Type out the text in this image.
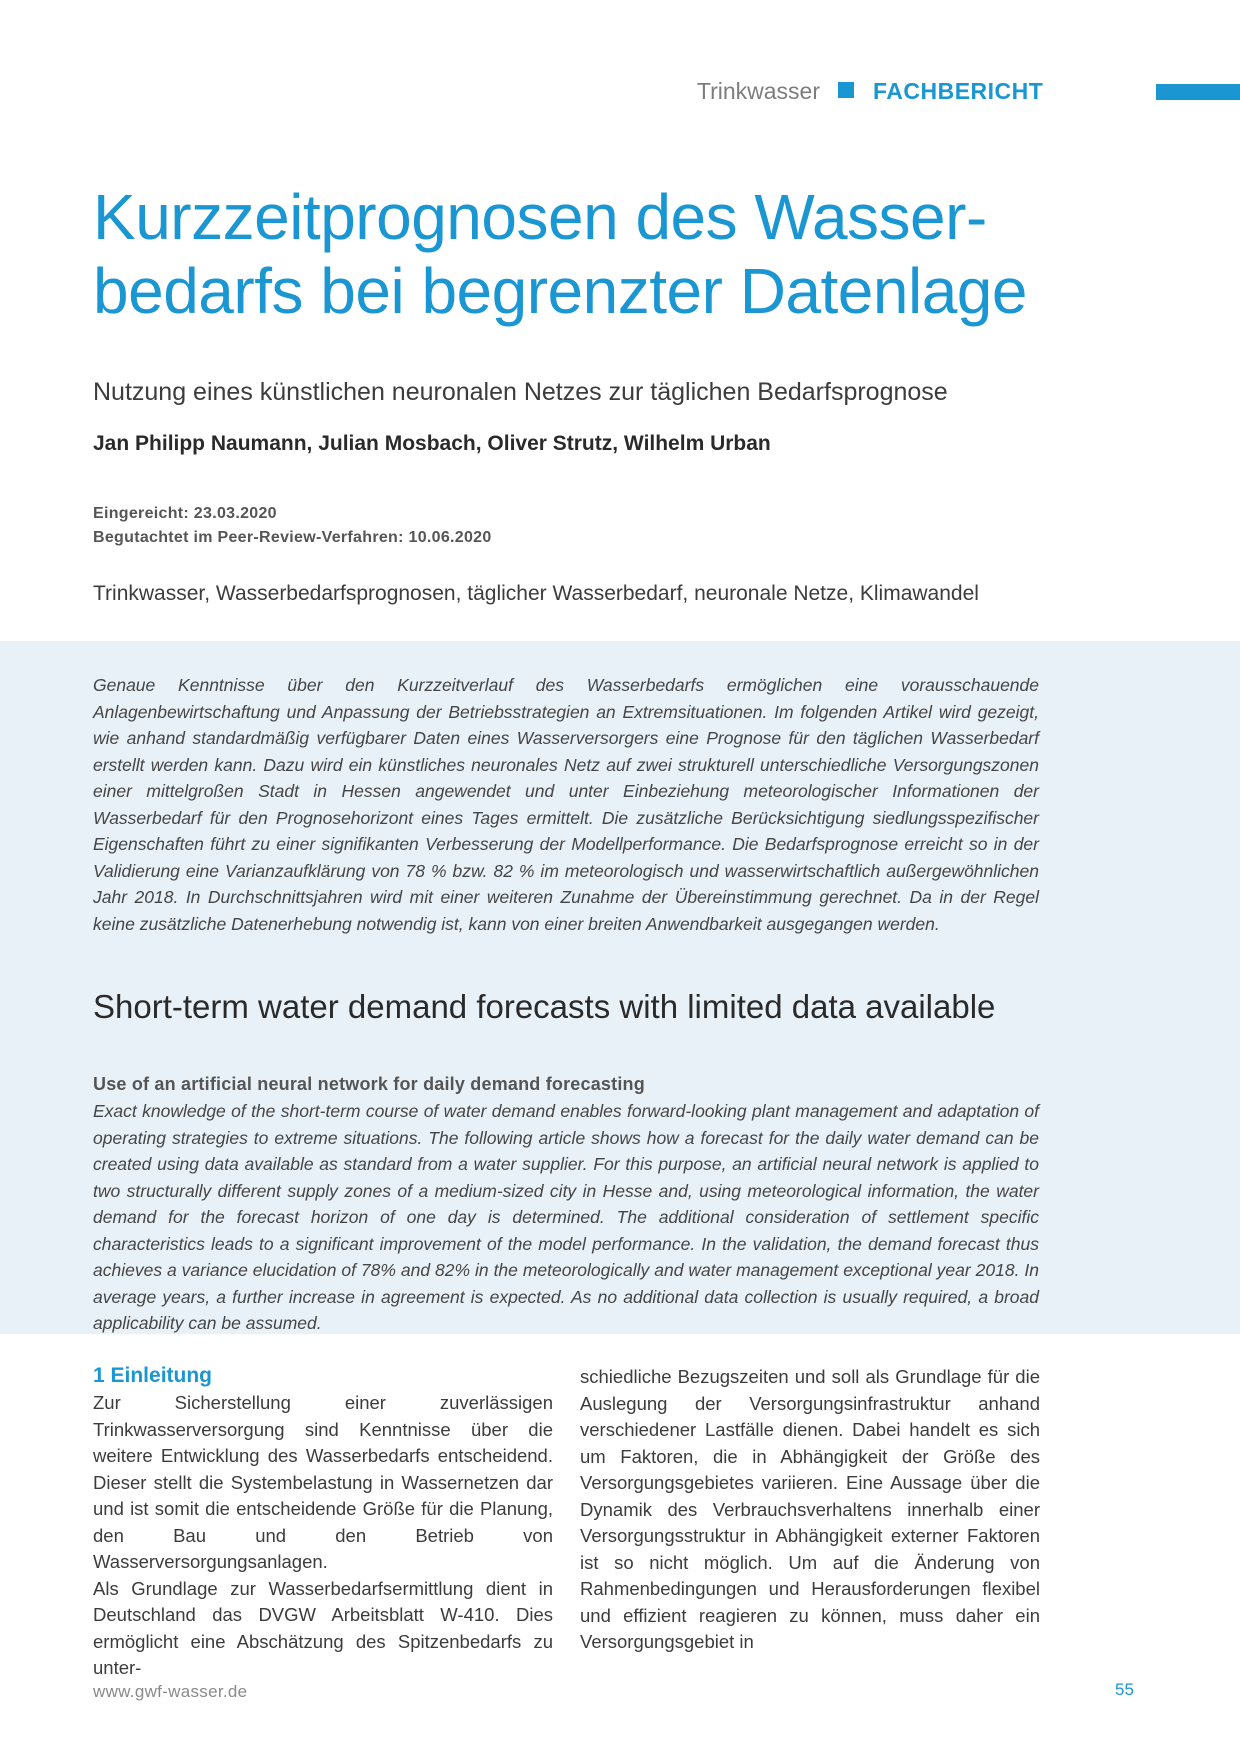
Trinkwasser FACHBERICHT
Kurzzeitprognosen des Wasser-bedarfs bei begrenzter Datenlage
Nutzung eines künstlichen neuronalen Netzes zur täglichen Bedarfsprognose
Jan Philipp Naumann, Julian Mosbach, Oliver Strutz, Wilhelm Urban
Eingereicht: 23.03.2020
Begutachtet im Peer-Review-Verfahren: 10.06.2020
Trinkwasser, Wasserbedarfsprognosen, täglicher Wasserbedarf, neuronale Netze, Klimawandel

Genaue Kenntnisse über den Kurzzeitverlauf des Wasserbedarfs ermöglichen eine vorausschauende Anlagenbewirtschaftung und Anpassung der Betriebsstrategien an Extremsituationen. Im folgenden Artikel wird gezeigt, wie anhand standardmäßig verfügbarer Daten eines Wasserversorgers eine Prognose für den täglichen Wasserbedarf erstellt werden kann. Dazu wird ein künstliches neuronales Netz auf zwei strukturell unterschiedliche Versorgungszonen einer mittelgroßen Stadt in Hessen angewendet und unter Einbeziehung meteorologischer Informationen der Wasserbedarf für den Prognosehorizont eines Tages ermittelt. Die zusätzliche Berücksichtigung siedlungsspezifischer Eigenschaften führt zu einer signifikanten Verbesserung der Modellperformance. Die Bedarfsprognose erreicht so in der Validierung eine Varianzaufklärung von 78 % bzw. 82 % im meteorologisch und wasserwirtschaftlich außergewöhnlichen Jahr 2018. In Durchschnittsjahren wird mit einer weiteren Zunahme der Übereinstimmung gerechnet. Da in der Regel keine zusätzliche Datenerhebung notwendig ist, kann von einer breiten Anwendbarkeit ausgegangen werden.

Short-term water demand forecasts with limited data available
Use of an artificial neural network for daily demand forecasting

Exact knowledge of the short-term course of water demand enables forward-looking plant management and adaptation of operating strategies to extreme situations. The following article shows how a forecast for the daily water demand can be created using data available as standard from a water supplier. For this purpose, an artificial neural network is applied to two structurally different supply zones of a medium-sized city in Hesse and, using meteorological information, the water demand for the forecast horizon of one day is determined. The additional consideration of settlement specific characteristics leads to a significant improvement of the model performance. In the validation, the demand forecast thus achieves a variance elucidation of 78% and 82% in the meteorologically and water management exceptional year 2018. In average years, a further increase in agreement is expected. As no additional data collection is usually required, a broad applicability can be assumed.

1 Einleitung

Zur Sicherstellung einer zuverlässigen Trinkwasserversorgung sind Kenntnisse über die weitere Entwicklung des Wasserbedarfs entscheidend. Dieser stellt die Systembelastung in Wassernetzen dar und ist somit die entscheidende Größe für die Planung, den Bau und den Betrieb von Wasserversorgungsanlagen.

Als Grundlage zur Wasserbedarfsermittlung dient in Deutschland das DVGW Arbeitsblatt W-410. Dies ermöglicht eine Abschätzung des Spitzenbedarfs zu unter-

schiedliche Bezugszeiten und soll als Grundlage für die Auslegung der Versorgungsinfrastruktur anhand verschiedener Lastfälle dienen. Dabei handelt es sich um Faktoren, die in Abhängigkeit der Größe des Versorgungsgebietes variieren. Eine Aussage über die Dynamik des Verbrauchsverhaltens innerhalb einer Versorgungsstruktur in Abhängigkeit externer Faktoren ist so nicht möglich. Um auf die Änderung von Rahmenbedingungen und Herausforderungen flexibel und effizient reagieren zu können, muss daher ein Versorgungsgebiet in

www.gwf-wasser.de	55
